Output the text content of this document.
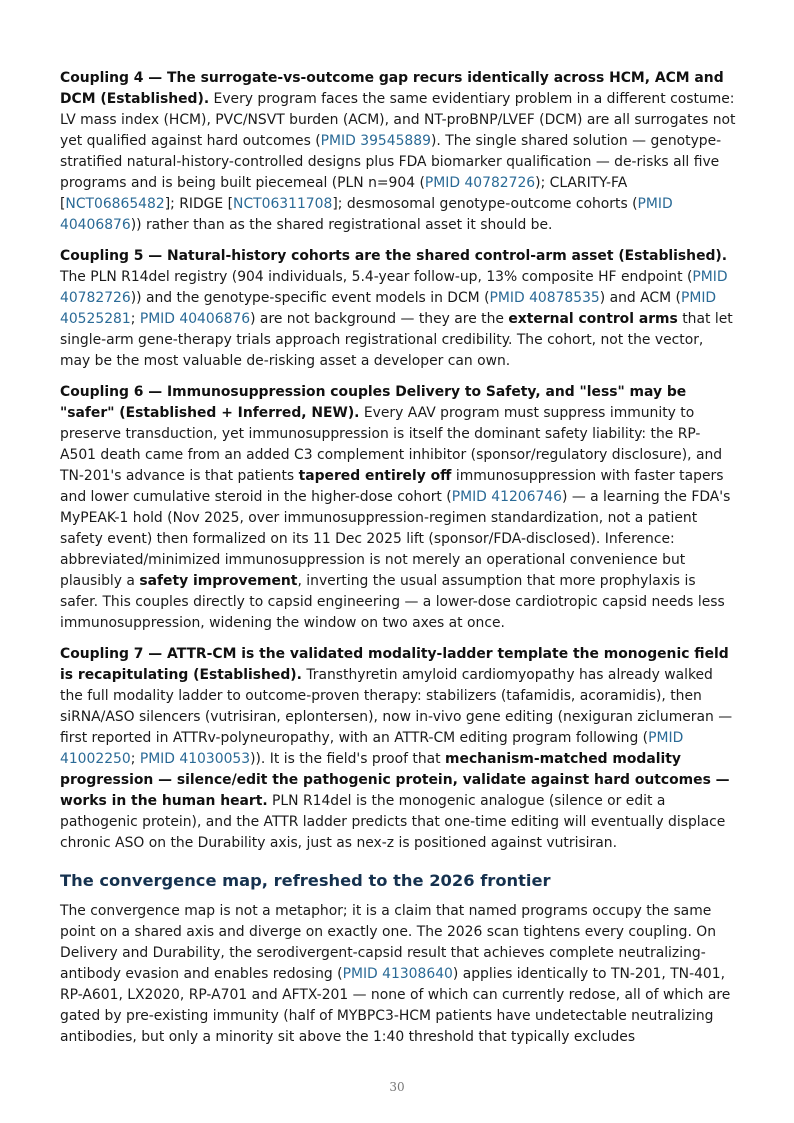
Coupling 4 — The surrogate-vs-outcome gap recurs identically across HCM, ACM and DCM (Established). Every program faces the same evidentiary problem in a different costume: LV mass index (HCM), PVC/NSVT burden (ACM), and NT-proBNP/LVEF (DCM) are all surrogates not yet qualified against hard outcomes (PMID 39545889). The single shared solution — genotype-stratified natural-history-controlled designs plus FDA biomarker qualification — de-risks all five programs and is being built piecemeal (PLN n=904 (PMID 40782726); CLARITY-FA [NCT06865482]; RIDGE [NCT06311708]; desmosomal genotype-outcome cohorts (PMID 40406876)) rather than as the shared registrational asset it should be.

Coupling 5 — Natural-history cohorts are the shared control-arm asset (Established). The PLN R14del registry (904 individuals, 5.4-year follow-up, 13% composite HF endpoint (PMID 40782726)) and the genotype-specific event models in DCM (PMID 40878535) and ACM (PMID 40525281; PMID 40406876) are not background — they are the external control arms that let single-arm gene-therapy trials approach registrational credibility. The cohort, not the vector, may be the most valuable de-risking asset a developer can own.

Coupling 6 — Immunosuppression couples Delivery to Safety, and "less" may be "safer" (Established + Inferred, NEW). Every AAV program must suppress immunity to preserve transduction, yet immunosuppression is itself the dominant safety liability: the RP-A501 death came from an added C3 complement inhibitor (sponsor/regulatory disclosure), and TN-201's advance is that patients tapered entirely off immunosuppression with faster tapers and lower cumulative steroid in the higher-dose cohort (PMID 41206746) — a learning the FDA's MyPEAK-1 hold (Nov 2025, over immunosuppression-regimen standardization, not a patient safety event) then formalized on its 11 Dec 2025 lift (sponsor/FDA-disclosed). Inference: abbreviated/minimized immunosuppression is not merely an operational convenience but plausibly a safety improvement, inverting the usual assumption that more prophylaxis is safer. This couples directly to capsid engineering — a lower-dose cardiotropic capsid needs less immunosuppression, widening the window on two axes at once.

Coupling 7 — ATTR-CM is the validated modality-ladder template the monogenic field is recapitulating (Established). Transthyretin amyloid cardiomyopathy has already walked the full modality ladder to outcome-proven therapy: stabilizers (tafamidis, acoramidis), then siRNA/ASO silencers (vutrisiran, eplontersen), now in-vivo gene editing (nexiguran ziclumeran — first reported in ATTRv-polyneuropathy, with an ATTR-CM editing program following (PMID 41002250; PMID 41030053)). It is the field's proof that mechanism-matched modality progression — silence/edit the pathogenic protein, validate against hard outcomes — works in the human heart. PLN R14del is the monogenic analogue (silence or edit a pathogenic protein), and the ATTR ladder predicts that one-time editing will eventually displace chronic ASO on the Durability axis, just as nex-z is positioned against vutrisiran.

The convergence map, refreshed to the 2026 frontier

The convergence map is not a metaphor; it is a claim that named programs occupy the same point on a shared axis and diverge on exactly one. The 2026 scan tightens every coupling. On Delivery and Durability, the serodivergent-capsid result that achieves complete neutralizing-antibody evasion and enables redosing (PMID 41308640) applies identically to TN-201, TN-401, RP-A601, LX2020, RP-A701 and AFTX-201 — none of which can currently redose, all of which are gated by pre-existing immunity (half of MYBPC3-HCM patients have undetectable neutralizing antibodies, but only a minority sit above the 1:40 threshold that typically excludes

30
